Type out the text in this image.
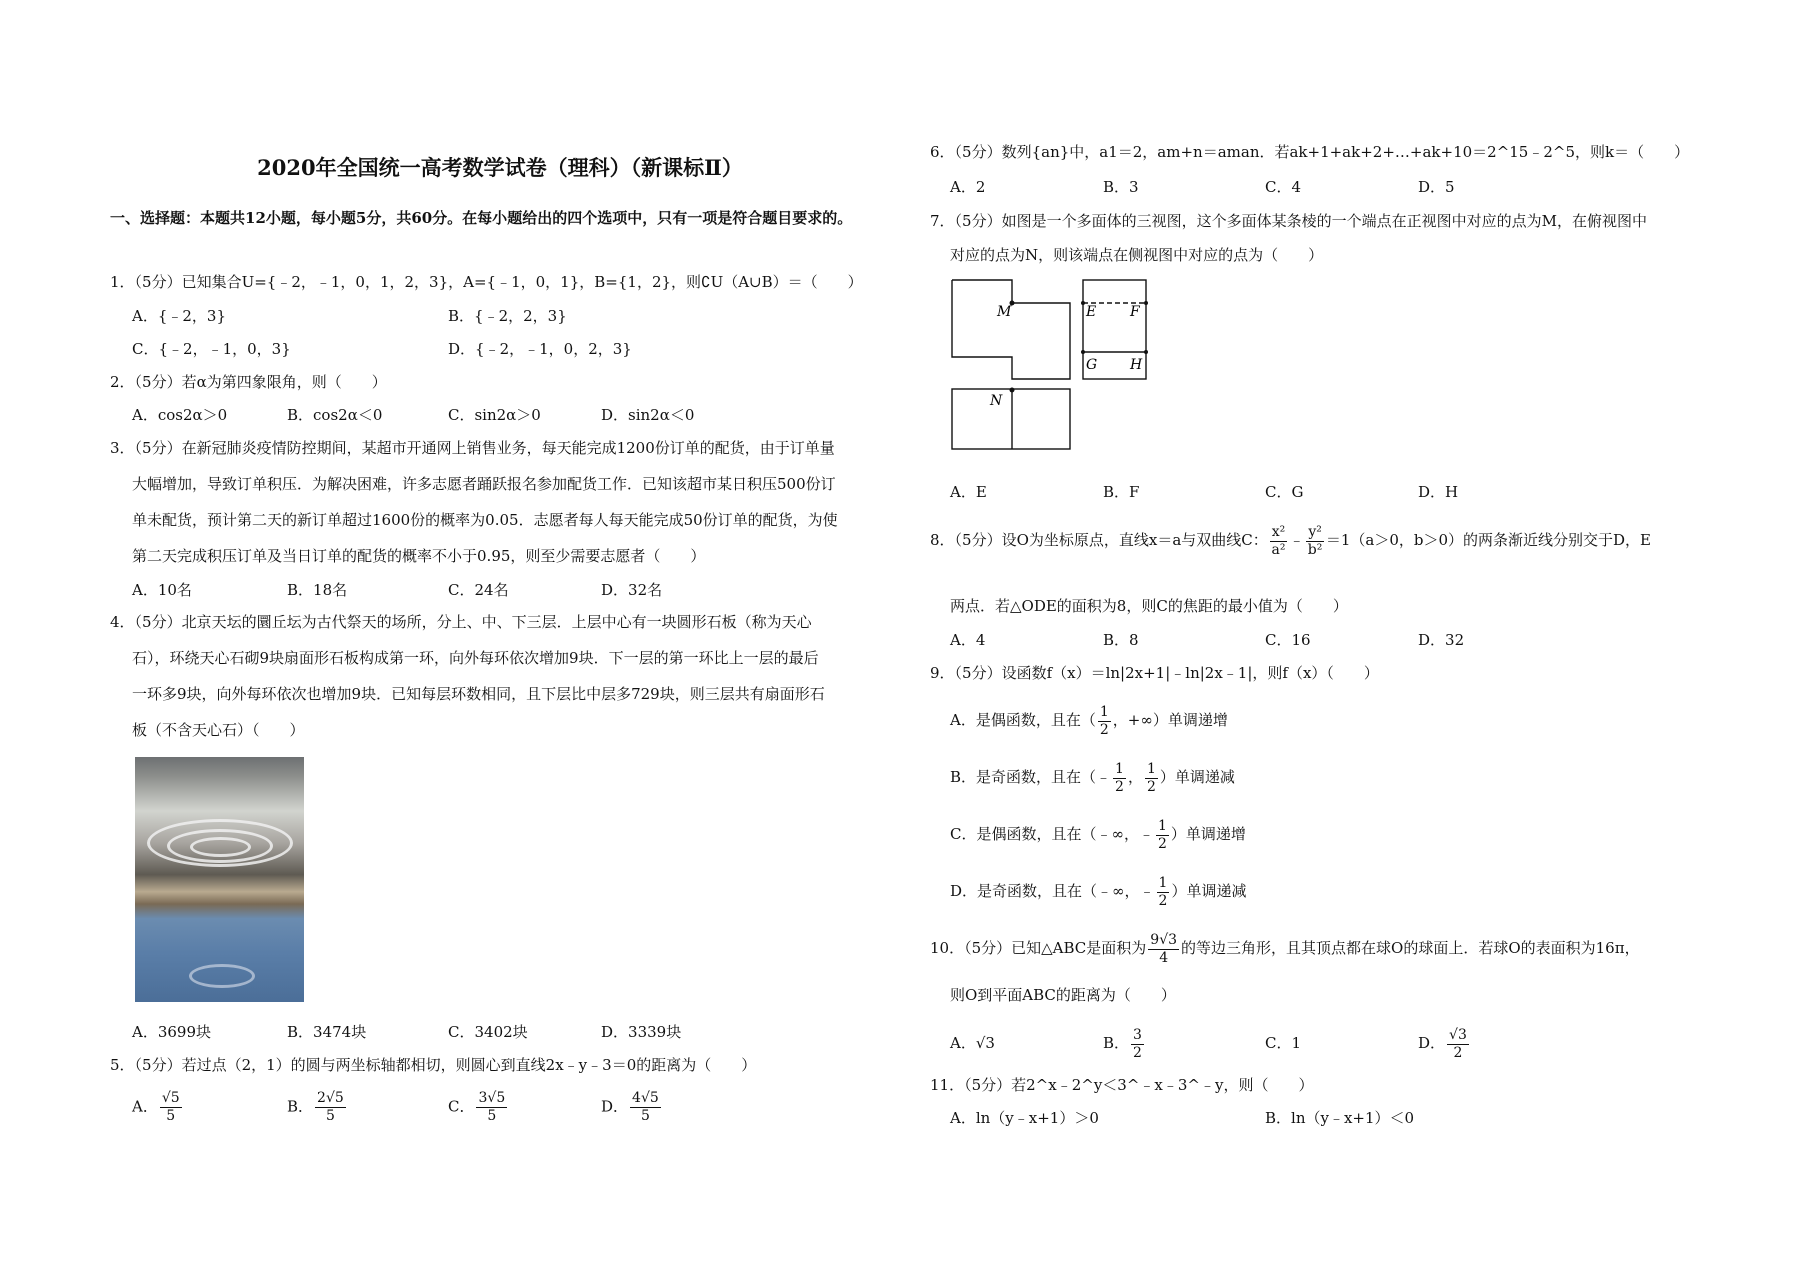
2020年全国统一高考数学试卷（理科）（新课标Ⅱ）
一、选择题：本题共12小题，每小题5分，共60分。在每小题给出的四个选项中，只有一项是符合题目要求的。
1．（5分）已知集合U={﹣2，﹣1，0，1，2，3}，A={﹣1，0，1}，B={1，2}，则∁U（A∪B）＝（　　）
A．{﹣2，3}	B．{﹣2，2，3}
C．{﹣2，﹣1，0，3}	D．{﹣2，﹣1，0，2，3}
2．（5分）若α为第四象限角，则（　　）
A．cos2α＞0	B．cos2α＜0	C．sin2α＞0	D．sin2α＜0
3．（5分）在新冠肺炎疫情防控期间，某超市开通网上销售业务，每天能完成1200份订单的配货，由于订单量
大幅增加，导致订单积压．为解决困难，许多志愿者踊跃报名参加配货工作．已知该超市某日积压500份订
单未配货，预计第二天的新订单超过1600份的概率为0.05．志愿者每人每天能完成50份订单的配货，为使
第二天完成积压订单及当日订单的配货的概率不小于0.95，则至少需要志愿者（　　）
A．10名	B．18名	C．24名	D．32名
4．（5分）北京天坛的圜丘坛为古代祭天的场所，分上、中、下三层．上层中心有一块圆形石板（称为天心
石），环绕天心石砌9块扇面形石板构成第一环，向外每环依次增加9块．下一层的第一环比上一层的最后
一环多9块，向外每环依次也增加9块．已知每层环数相同，且下层比中层多729块，则三层共有扇面形石
板（不含天心石）（　　）
A．3699块	B．3474块	C．3402块	D．3339块
5．（5分）若过点（2，1）的圆与两坐标轴都相切，则圆心到直线2x﹣y﹣3＝0的距离为（　　）
A． $\frac{√5}{5}$	B． $\frac{2√5}{5}$	C． $\frac{3√5}{5}$	D． $\frac{4√5}{5}$
6．（5分）数列{an}中，a1＝2，am+n＝aman．若ak+1+ak+2+…+ak+10＝2^15﹣2^5，则k＝（　　）
A．2	B．3	C．4	D．5
7．（5分）如图是一个多面体的三视图，这个多面体某条棱的一个端点在正视图中对应的点为M，在俯视图中
对应的点为N，则该端点在侧视图中对应的点为（　　）
M	E F
G H
N
A．E	B．F	C．G	D．H
8．（5分）设O为坐标原点，直线x＝a与双曲线C： $\frac{\text{x²}}{\text{a²}}$ ﹣ $\frac{\text{y²}}{\text{b²}} =1(a>0$，b＞0）的两条渐近线分别交于D，E
两点．若△ODE的面积为8，则C的焦距的最小值为（　　）
A．4	B．8	C．16	D．32
9．（5分）设函数f（x）＝ln|2x+1|﹣ln|2x﹣1|，则f（x）（　　）
A．是偶函数，且在（ $\frac{1}{2}$ ，+∞）单调递增
B．是奇函数，且在（﹣ $\frac{1}{2}$ ， $\frac{1}{2}$ ）单调递减
C．是偶函数，且在（﹣∞，﹣ $\frac{1}{2}$ ）单调递增
D．是奇函数，且在（﹣∞，﹣ $\frac{1}{2}$ ）单调递减
10．（5分）已知△ABC是面积为 $\frac{9√3}{4}$ 的等边三角形，且其顶点都在球O的球面上．若球O的表面积为16π，
则O到平面ABC的距离为（　　）
A．√3	B． $\frac{3}{2}$	C．1	D． $\frac{√3}{2}$
11．（5分）若2^x﹣2^y＜3^﹣x﹣3^﹣y，则（　　）
A．ln（y﹣x+1）＞0	B．ln（y﹣x+1）＜0
